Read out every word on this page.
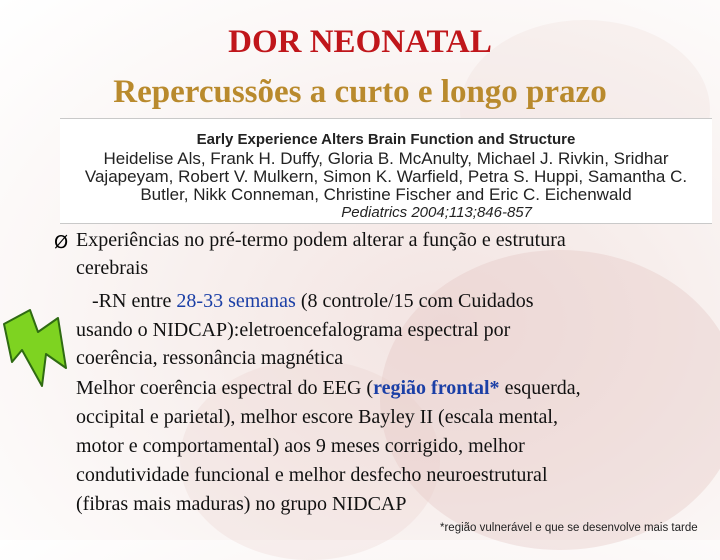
DOR NEONATAL
Repercussões a curto e longo prazo
Early Experience Alters Brain Function and Structure
Heidelise Als, Frank H. Duffy, Gloria B. McAnulty, Michael J. Rivkin, Sridhar
Vajapeyam, Robert V. Mulkern, Simon K. Warfield, Petra S. Huppi, Samantha C.
Butler, Nikk Conneman, Christine Fischer and Eric C. Eichenwald
Pediatrics 2004;113;846-857
Ø Experiências no pré-termo podem alterar a função e estrutura
cerebrais
-RN entre 28-33 semanas (8 controle/15 com Cuidados
usando o NIDCAP):eletroencefalograma espectral por
coerência, ressonância magnética
Melhor coerência espectral do EEG (região frontal* esquerda,
occipital e parietal), melhor escore Bayley II (escala mental,
motor e comportamental) aos 9 meses corrigido, melhor
condutividade funcional e melhor desfecho neuroestrutural
(fibras mais maduras) no grupo NIDCAP
*região vulnerável e que se desenvolve mais tarde
